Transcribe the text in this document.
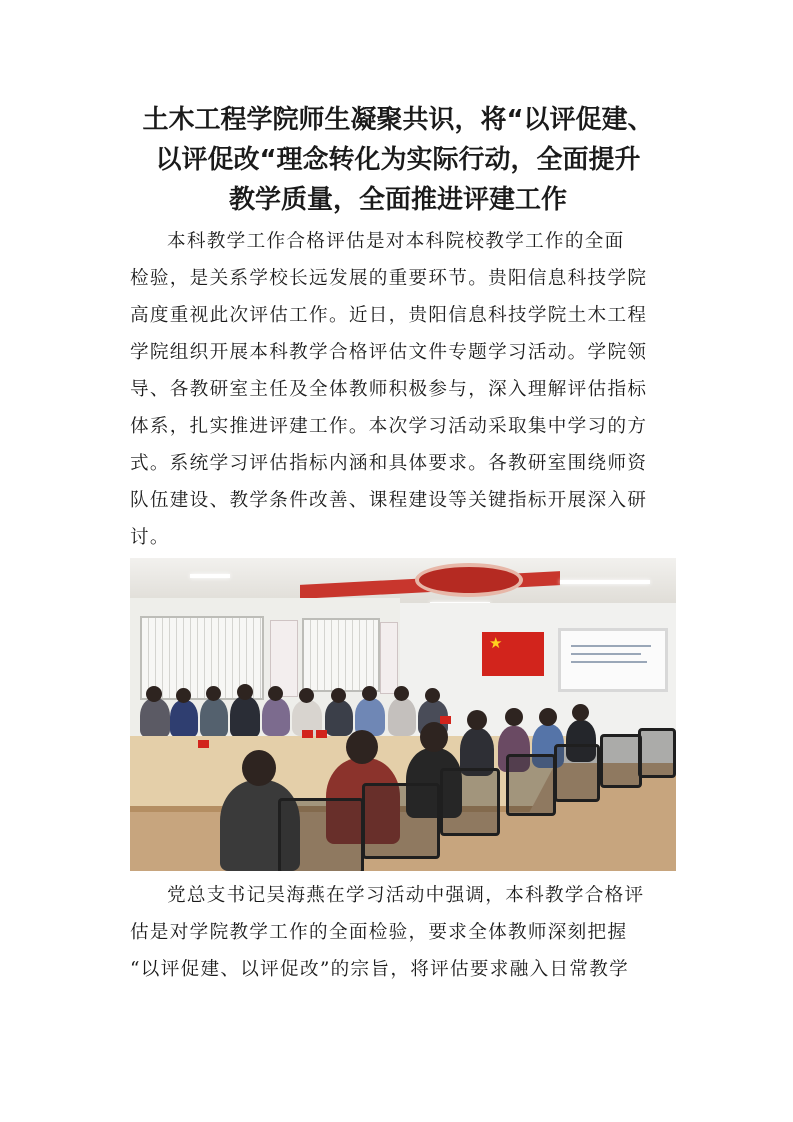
土木工程学院师生凝聚共识，将“以评促建、
以评促改“理念转化为实际行动，全面提升
教学质量，全面推进评建工作
本科教学工作合格评估是对本科院校教学工作的全面
检验，是关系学校长远发展的重要环节。贵阳信息科技学院
高度重视此次评估工作。近日，贵阳信息科技学院土木工程
学院组织开展本科教学合格评估文件专题学习活动。学院领
导、各教研室主任及全体教师积极参与，深入理解评估指标
体系，扎实推进评建工作。本次学习活动采取集中学习的方
式。系统学习评估指标内涵和具体要求。各教研室围绕师资
队伍建设、教学条件改善、课程建设等关键指标开展深入研
讨。
★
党总支书记吴海燕在学习活动中强调，本科教学合格评
估是对学院教学工作的全面检验，要求全体教师深刻把握
“以评促建、以评促改”的宗旨，将评估要求融入日常教学
